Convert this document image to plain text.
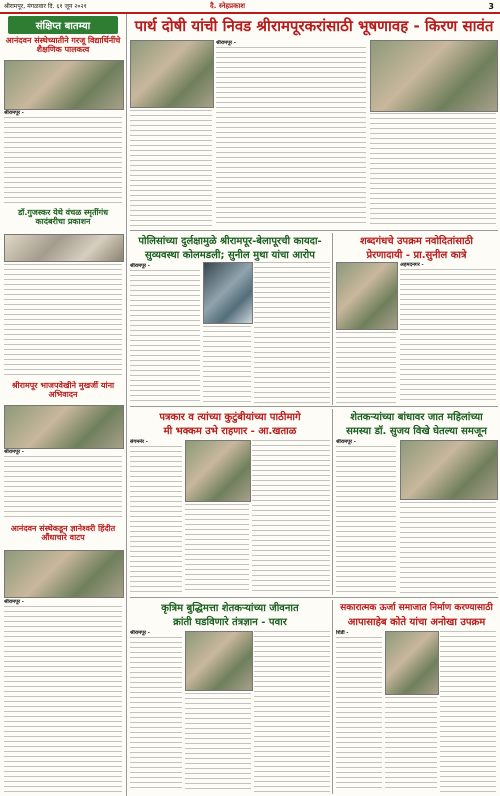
श्रीरामपूर, मंगळवार दि. ६१ जून २०२१	दै. स्नेहप्रकाश	3
संक्षिप्त बातम्या
आनंदवन संस्थेच्यातीने गरजू विद्यार्थिनींचे शैक्षणिक पालकत्व
श्रीरामपूर -
डॉ.गुजस्कर येथे वंचळ स्मृतींगंध कादंबरीचा प्रकाशन
श्रीरामपूर भाजपवेखीने मुखर्जी यांना अभिवादन
श्रीरामपूर -
आनंदवन संस्थेकडून ज्ञानेश्वरी हिंदीत औंधाचारे वाटप
श्रीरामपूर -
पार्थ दोषी यांची निवड श्रीरामपूरकरांसाठी भूषणावह - किरण सावंत
श्रीरामपूर -
पोलिसांच्या दुर्लक्षामुळे श्रीरामपूर-बेलापूरची कायदा-
सुव्यवस्था कोलमडली; सुनील मुथा यांचा आरोप
श्रीरामपूर -
शब्दगंधचे उपक्रम नवोदितांसाठी
प्रेरणादायी - प्रा.सुनील कात्रे
अहमदनगर -
पत्रकार व त्यांच्या कुटुंबीयांच्या पाठीमागे
मी भक्कम उभे राहणार - आ.खताळ
संगमनेर -
शेतकऱ्यांच्या बांधावर जात महिलांच्या
समस्या डॉ. सुजय विखे घेतल्या समजून
श्रीरामपूर -
कृत्रिम बुद्धिमत्ता शेतकऱ्यांच्या जीवनात
क्रांती घडविणारे तंत्रज्ञान - पवार
श्रीरामपूर -
सकारात्मक ऊर्जा समाजात निर्माण करण्यासाठी
आपासाहेब कोते यांचा अनोखा उपक्रम
शिर्डी -
